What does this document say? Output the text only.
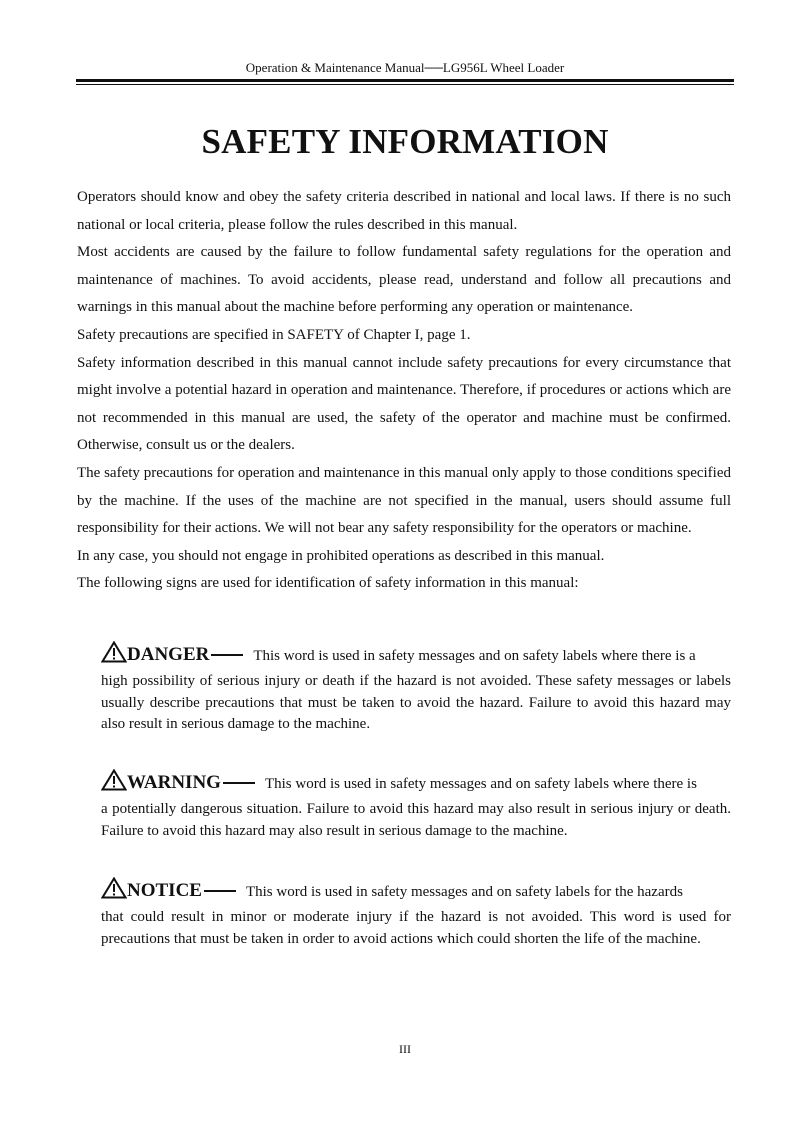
Operation & Maintenance Manual──LG956L Wheel Loader
SAFETY INFORMATION

Operators should know and obey the safety criteria described in national and local laws. If there is no such national or local criteria, please follow the rules described in this manual.

Most accidents are caused by the failure to follow fundamental safety regulations for the operation and maintenance of machines. To avoid accidents, please read, understand and follow all precautions and warnings in this manual about the machine before performing any operation or maintenance.

Safety precautions are specified in SAFETY of Chapter I, page 1.

Safety information described in this manual cannot include safety precautions for every circumstance that might involve a potential hazard in operation and maintenance. Therefore, if procedures or actions which are not recommended in this manual are used, the safety of the operator and machine must be confirmed. Otherwise, consult us or the dealers.

The safety precautions for operation and maintenance in this manual only apply to those conditions specified by the machine. If the uses of the machine are not specified in the manual, users should assume full responsibility for their actions. We will not bear any safety responsibility for the operators or machine.

In any case, you should not engage in prohibited operations as described in this manual.

The following signs are used for identification of safety information in this manual:

DANGER	This word is used in safety messages and on safety labels where there is a
high possibility of serious injury or death if the hazard is not avoided. These safety messages or labels usually describe precautions that must be taken to avoid the hazard. Failure to avoid this hazard may also result in serious damage to the machine.
WARNING	This word is used in safety messages and on safety labels where there is
a potentially dangerous situation. Failure to avoid this hazard may also result in serious injury or death. Failure to avoid this hazard may also result in serious damage to the machine.
NOTICE	This word is used in safety messages and on safety labels for the hazards
that could result in minor or moderate injury if the hazard is not avoided. This word is used for precautions that must be taken in order to avoid actions which could shorten the life of the machine.
III
